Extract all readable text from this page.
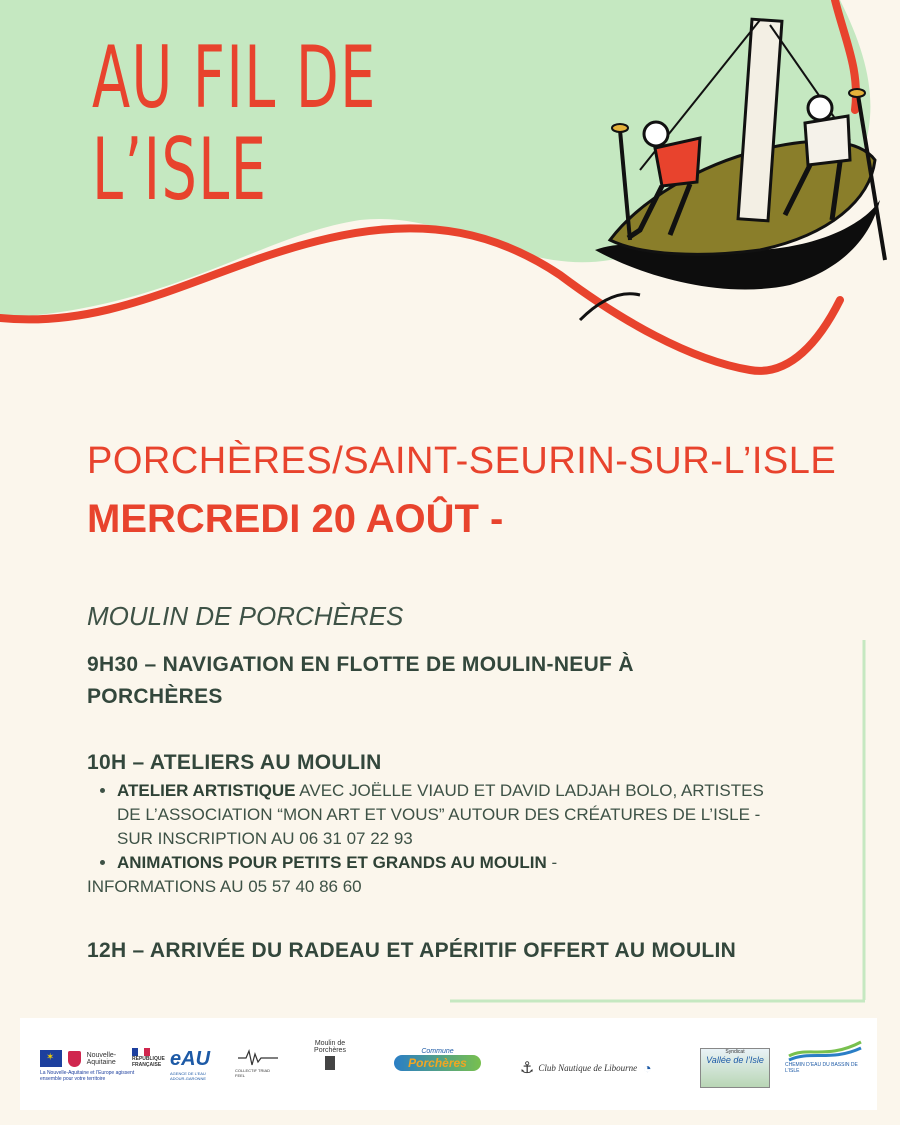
AU FIL DE
L’ISLE
PORCHÈRES/SAINT-SEURIN-SUR-L’ISLE
MERCREDI 20 AOÛT -
MOULIN DE PORCHÈRES
9H30 – NAVIGATION EN FLOTTE DE MOULIN-NEUF À
PORCHÈRES
10H – ATELIERS AU MOULIN
• ATELIER ARTISTIQUE AVEC JOËLLE VIAUD ET DAVID LADJAH BOLO, ARTISTES
DE L’ASSOCIATION “MON ART ET VOUS” AUTOUR DES CRÉATURES DE L’ISLE -
SUR INSCRIPTION AU 06 31 07 22 93
• ANIMATIONS POUR PETITS ET GRANDS AU MOULIN -
INFORMATIONS AU 05 57 40 86 60
12H – ARRIVÉE DU RADEAU ET APÉRITIF OFFERT AU MOULIN
✶	Nouvelle-Aquitaine
La Nouvelle-Aquitaine et l’Europe agissent ensemble pour votre territoire
RÉPUBLIQUE FRANÇAISE eAU
AGENCE DE L’EAU ADOUR-GARONNE
COLLECTIF TRIAD FEEL
Moulin de Porchères	Commune
Porchères	⚓ Club Nautique de Libourne ◔
Syndicat
Vallée de l’Isle	CHEMIN D’EAU DU BASSIN DE L’ISLE
